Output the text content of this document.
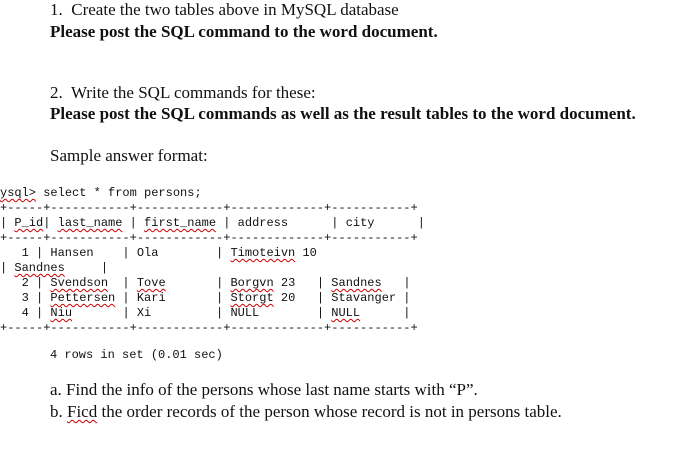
1.  Create the two tables above in MySQL database
Please post the SQL command to the word document.
2.  Write the SQL commands for these:
Please post the SQL commands as well as the result tables to the word document.
Sample answer format:

ysql> select * from persons;

+-----+-----------+------------+-------------+-----------+

| P_id| last_name | first_name | address      | city      |

+-----+-----------+------------+-------------+-----------+

1 | Hansen    | Ola        | Timoteivn 10

| Sandnes     |

2 | Svendson  | Tove       | Borgvn 23   | Sandnes   |

3 | Pettersen | Kari       | Storgt 20   | Stavanger |

4 | Niu       | Xi         | NULL        | NULL      |

+-----+-----------+------------+-------------+-----------+

4 rows in set (0.01 sec)
a. Find the info of the persons whose last name starts with “P”.
b. Ficd the order records of the person whose record is not in persons table.
